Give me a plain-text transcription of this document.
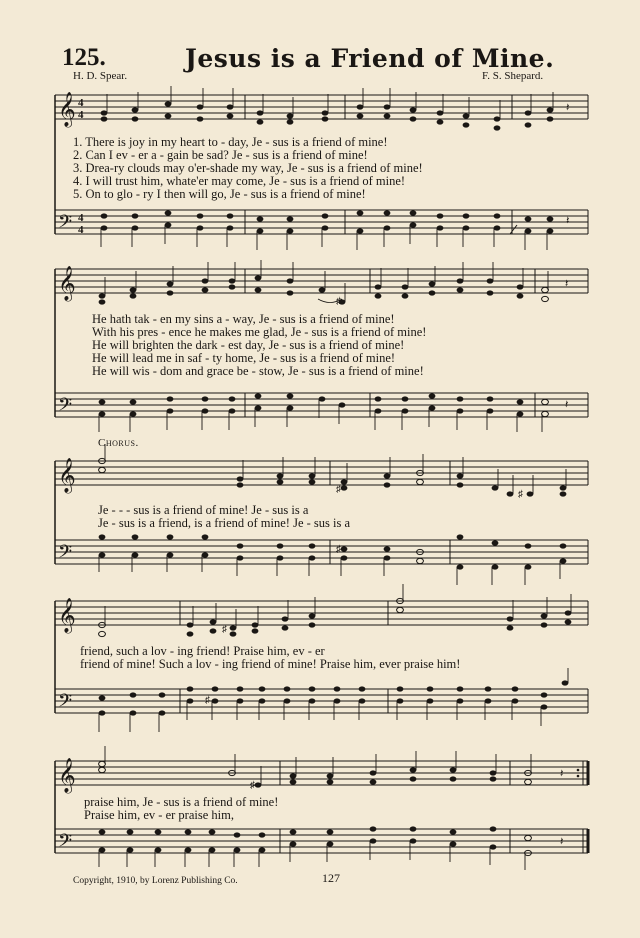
125.	Jesus is a Friend of Mine.
H. D. Spear.	F. S. Shepard.
𝄞 4
4
𝄢 4
4
𝄽
𝄽
1. There is joy in my heart to - day, Je - sus is a friend of mine!
2. Can I ev - er a - gain be sad? Je - sus is a friend of mine!
3. Drea-ry clouds may o'er-shade my way, Je - sus is a friend of mine!
4. I will trust him, whate'er may come, Je - sus is a friend of mine!
5. On to glo - ry I then will go, Je - sus is a friend of mine!
𝄞
𝄢
♯
𝄽
𝄽
He hath tak - en my sins a - way, Je - sus is a friend of mine!
With his pres - ence he makes me glad, Je - sus is a friend of mine!
He will brighten the dark - est day, Je - sus is a friend of mine!
He will lead me in saf - ty home, Je - sus is a friend of mine!
He will wis - dom and grace be - stow, Je - sus is a friend of mine!
Chorus.
𝄞
𝄢
♯	♯
♯
Je - - - sus is a friend of mine! Je - sus is a
Je - sus is a friend, is a friend of mine! Je - sus is a
𝄞
𝄢
♯
♯
friend, such a lov - ing friend! Praise him, ev - er
friend of mine! Such a lov - ing friend of mine! Praise him, ever praise him!
𝄞
𝄢
♯
𝄽
𝄽
praise him, Je - sus is a friend of mine!
Praise him, ev - er praise him,
Copyright, 1910, by Lorenz Publishing Co.	127
